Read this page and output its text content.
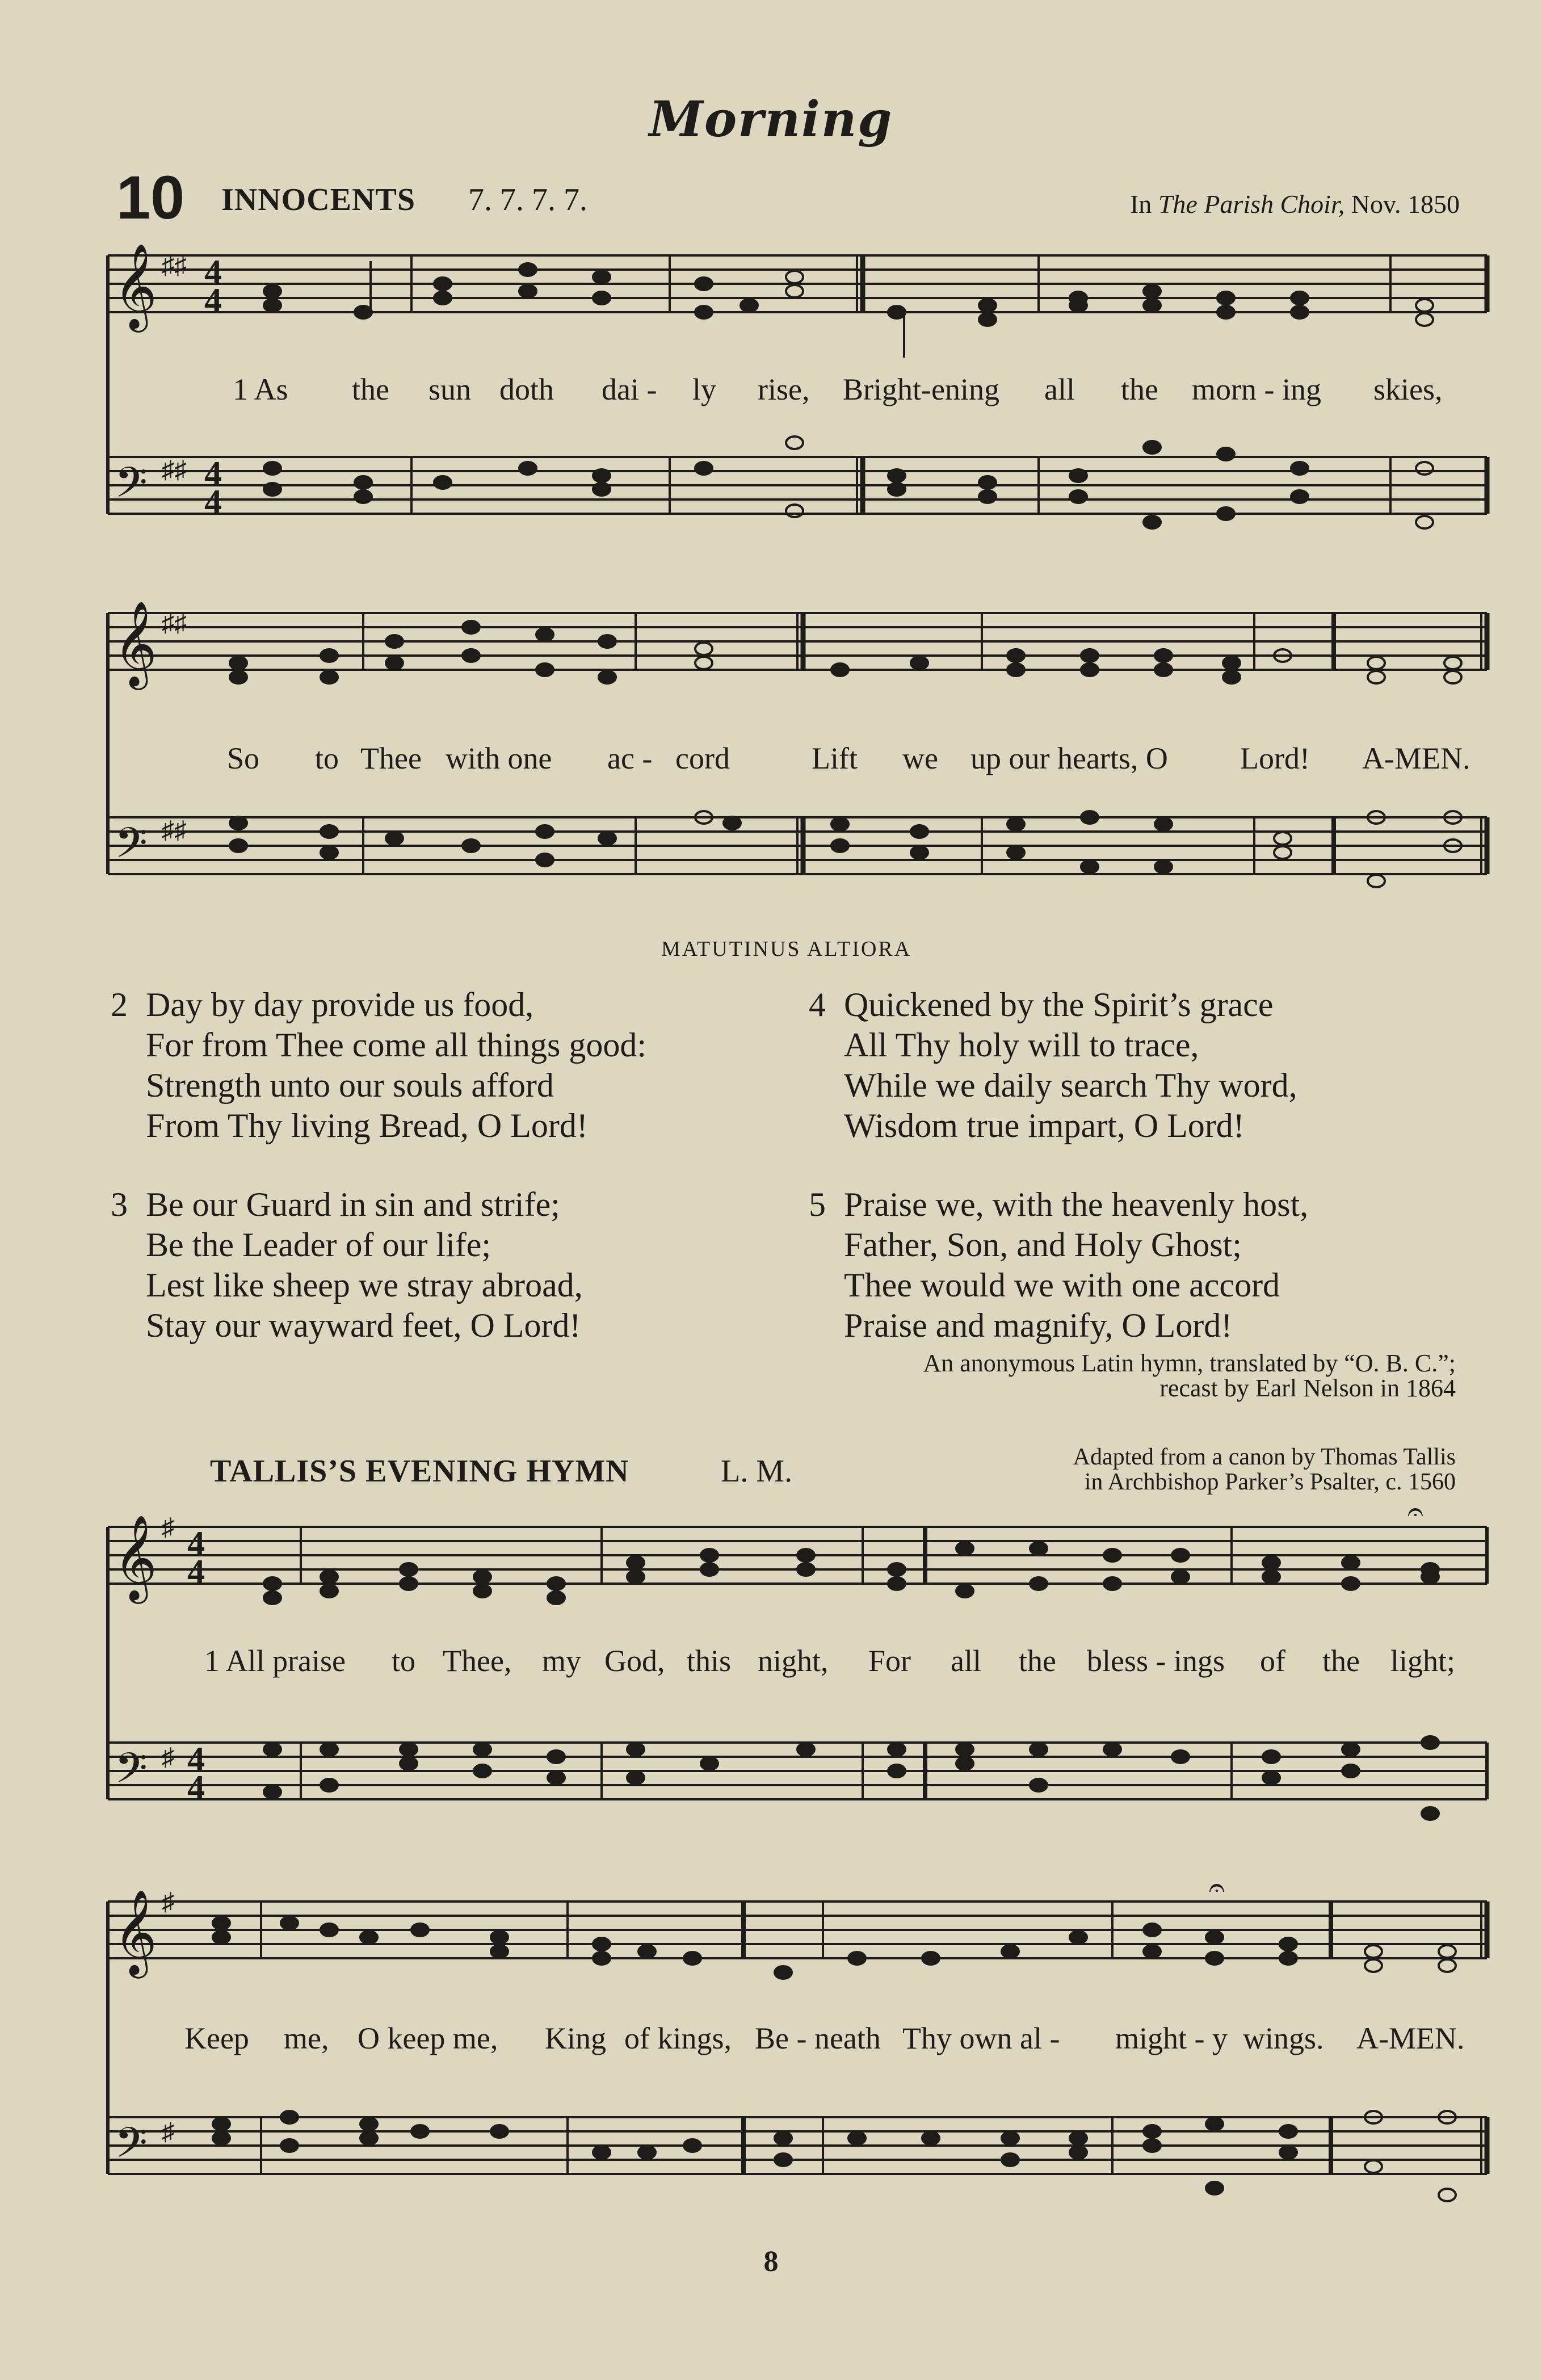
Morning
10 INNOCENTS 7. 7. 7. 7.	In The Parish Choir, Nov. 1850
𝄞
𝄢
♯♯
♯♯
4
4
4
4
1 As the sun doth dai - ly rise, Bright-ening all the morn - ing skies,
𝄞
𝄢
♯♯
♯♯
So to Thee with one ac - cord	Lift we up our hearts, O Lord! A-MEN.
MATUTINUS ALTIORA
2 Day by day provide us food,
For from Thee come all things good:
Strength unto our souls afford
From Thy living Bread, O Lord!
3 Be our Guard in sin and strife;
Be the Leader of our life;
Lest like sheep we stray abroad,
Stay our wayward feet, O Lord!
4 Quickened by the Spirit’s grace
All Thy holy will to trace,
While we daily search Thy word,
Wisdom true impart, O Lord!
5 Praise we, with the heavenly host,
Father, Son, and Holy Ghost;
Thee would we with one accord
Praise and magnify, O Lord!
An anonymous Latin hymn, translated by “O. B. C.”;
recast by Earl Nelson in 1864
TALLIS’S EVENING HYMN	L. M.	Adapted from a canon by Thomas Tallis
in Archbishop Parker’s Psalter, c. 1560
𝄞
𝄢
♯
♯
4
4
4
4
𝄐
1 All praise to Thee, my God, this night, For all the bless - ings of the light;
𝄞
𝄢
♯
♯
𝄐
Keep me, O keep me, King of kings, Be - neath Thy own al - might - y wings. A-MEN.
8
